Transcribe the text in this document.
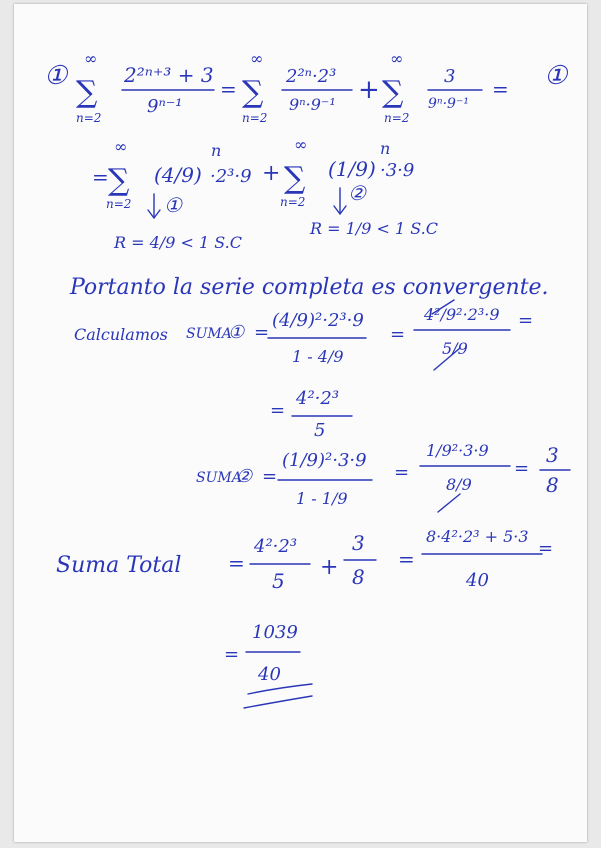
① ∑
∞
n=2
2²ⁿ⁺³ + 3
9ⁿ⁻¹
= ∑
∞
n=2
2²ⁿ·2³
9ⁿ·9⁻¹ + ∑
∞
n=2
3
9ⁿ·9⁻¹
= ①
= ∑
∞
n=2
(4/9)
n
·2³·9 + ∑
∞
n=2
(1/9)
n
·3·9
①	②
R = 4/9 < 1 S.C
R = 1/9 < 1 S.C
Portanto la serie completa es convergente.
Calculamos SUMA
① =
(4/9)²·2³·9
1 - 4/9
=
4²/9²·2³·9
5/9
=
=
4²·2³
5
SUMA
② =
(1/9)²·3·9
1 - 1/9
=
1/9²·3·9
8/9
=
3
8
Suma Total =
4²·2³
5
+
3
8
=
8·4²·2³ + 5·3
40
=
=
1039
40
